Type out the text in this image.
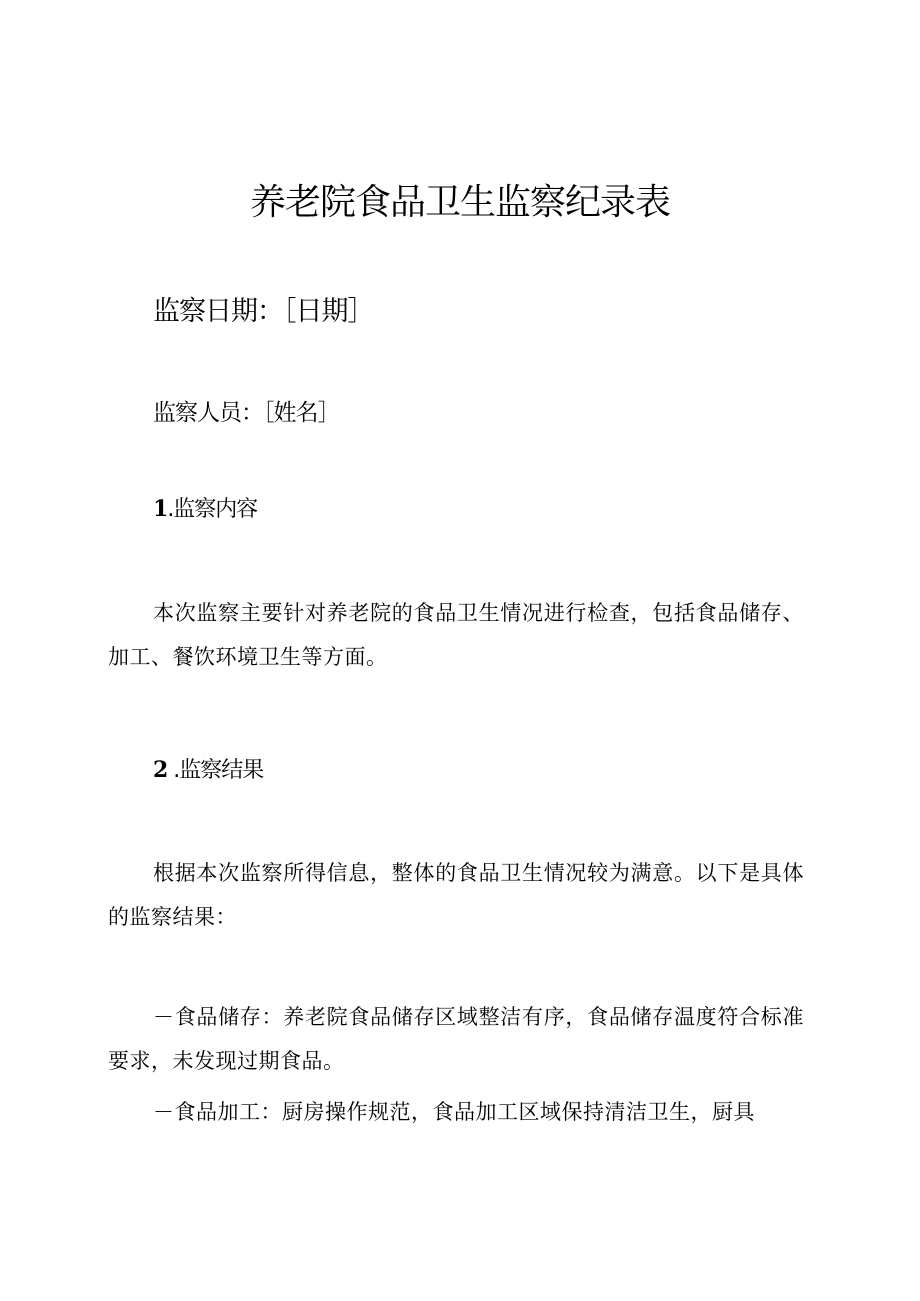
养老院食品卫生监察纪录表

监察日期：［日期］

监察人员：［姓名］

1.监察内容

本次监察主要针对养老院的食品卫生情况进行检查，包括食品储存、加工、餐饮环境卫生等方面。

2 .监察结果

根据本次监察所得信息，整体的食品卫生情况较为满意。以下是具体的监察结果：

－食品储存：养老院食品储存区域整洁有序，食品储存温度符合标准要求，未发现过期食品。

－食品加工：厨房操作规范，食品加工区域保持清洁卫生，厨具
